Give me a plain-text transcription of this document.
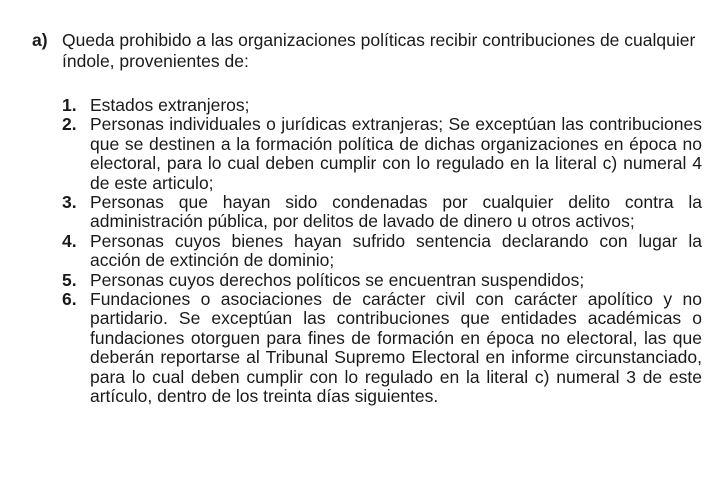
a) Queda prohibido a las organizaciones políticas recibir contribuciones de cualquier índole, provenientes de:
1. Estados extranjeros;
2. Personas individuales o jurídicas extranjeras; Se exceptúan las contribuciones que se destinen a la formación política de dichas organizaciones en época no electoral, para lo cual deben cumplir con lo regulado en la literal c) numeral 4 de este articulo;
3. Personas que hayan sido condenadas por cualquier delito contra la administración pública, por delitos de lavado de dinero u otros activos;
4. Personas cuyos bienes hayan sufrido sentencia declarando con lugar la acción de extinción de dominio;
5. Personas cuyos derechos políticos se encuentran suspendidos;
6. Fundaciones o asociaciones de carácter civil con carácter apolítico y no partidario. Se exceptúan las contribuciones que entidades académicas o fundaciones otorguen para fines de formación en época no electoral, las que deberán reportarse al Tribunal Supremo Electoral en informe circunstanciado, para lo cual deben cumplir con lo regulado en la literal c) numeral 3 de este artículo, dentro de los treinta días siguientes.
